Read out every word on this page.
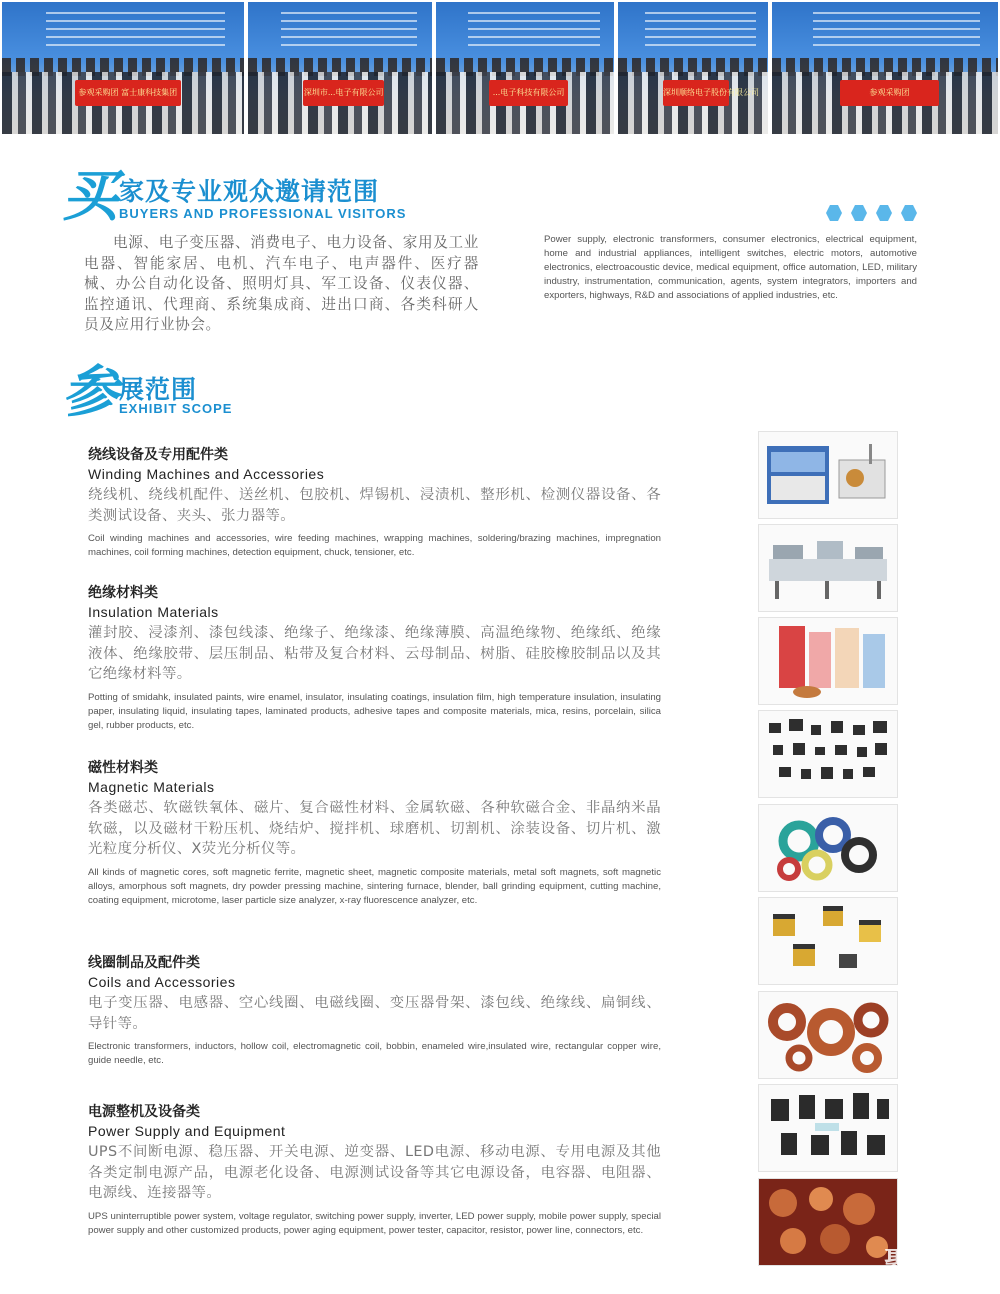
参观采购团 富士康科技集团	深圳市...电子有限公司	...电子科技有限公司	深圳顺络电子股份有限公司	参观采购团
买 家及专业观众邀请范围
BUYERS AND PROFESSIONAL VISITORS
电源、电子变压器、消费电子、电力设备、家用及工业电器、智能家居、电机、汽车电子、电声器件、医疗器械、办公自动化设备、照明灯具、军工设备、仪表仪器、监控通讯、代理商、系统集成商、进出口商、各类科研人员及应用行业协会。
Power supply, electronic transformers, consumer electronics, electrical equipment, home and industrial appliances, intelligent switches, electric motors, automotive electronics, electroacoustic device, medical equipment, office automation, LED, military industry, instrumentation, communication, agents, system integrators, importers and exporters, highways, R&D and associations of applied industries, etc.
参 展范围
EXHIBIT SCOPE

绕线设备及专用配件类

Winding Machines and Accessories

绕线机、绕线机配件、送丝机、包胶机、焊锡机、浸渍机、整形机、检测仪器设备、各类测试设备、夹头、张力器等。

Coil winding machines and accessories, wire feeding machines, wrapping machines, soldering/brazing machines, impregnation machines, coil forming machines, detection equipment, chuck, tensioner, etc.

绝缘材料类

Insulation Materials

灌封胶、浸漆剂、漆包线漆、绝缘子、绝缘漆、绝缘薄膜、高温绝缘物、绝缘纸、绝缘液体、绝缘胶带、层压制品、粘带及复合材料、云母制品、树脂、硅胶橡胶制品以及其它绝缘材料等。

Potting of smidahk, insulated paints, wire enamel, insulator, insulating coatings, insulation film, high temperature insulation, insulating paper, insulating liquid, insulating tapes, laminated products, adhesive tapes and composite materials, mica, resins, porcelain, silica gel, rubber products, etc.

磁性材料类

Magnetic Materials

各类磁芯、软磁铁氧体、磁片、复合磁性材料、金属软磁、各种软磁合金、非晶纳米晶软磁，以及磁材干粉压机、烧结炉、搅拌机、球磨机、切割机、涂装设备、切片机、激光粒度分析仪、X荧光分析仪等。

All kinds of magnetic cores, soft magnetic ferrite, magnetic sheet, magnetic composite materials, metal soft magnets, soft magnetic alloys, amorphous soft magnets, dry powder pressing machine, sintering furnace, blender, ball grinding equipment, cutting machine, coating equipment, microtome, laser particle size analyzer, x-ray fluorescence analyzer, etc.

线圈制品及配件类

Coils and Accessories

电子变压器、电感器、空心线圈、电磁线圈、变压器骨架、漆包线、绝缘线、扁铜线、导针等。

Electronic transformers, inductors, hollow coil, electromagnetic coil, bobbin, enameled wire,insulated wire, rectangular copper wire, guide needle, etc.

电源整机及设备类

Power Supply and Equipment

UPS不间断电源、稳压器、开关电源、逆变器、LED电源、移动电源、专用电源及其他各类定制电源产品，电源老化设备、电源测试设备等其它电源设备，电容器、电阻器、电源线、连接器等。

UPS uninterruptible power system, voltage regulator, switching power supply, inverter, LED power supply, mobile power supply, special power supply and other customized products, power aging equipment, power tester, capacitor, resistor, power line, connectors, etc.

聚展
